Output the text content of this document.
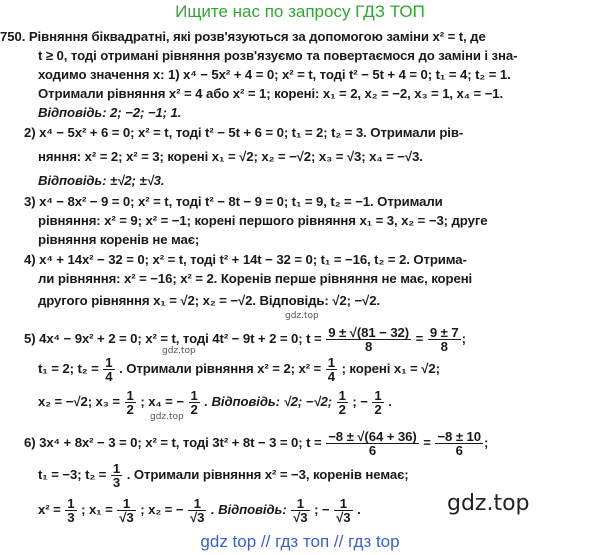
Ищите нас по запросу ГДЗ ТОП
750. Рівняння біквадратні, які розв'язуються за допомогою заміни x² = t, де
t ≥ 0, тоді отримані рівняння розв'язуємо та повертаємося до заміни і зна-
ходимо значення x: 1) x⁴ − 5x² + 4 = 0; x² = t, тоді t² − 5t + 4 = 0; t₁ = 4; t₂ = 1.
Отримали рівняння x² = 4 або x² = 1; корені: x₁ = 2, x₂ = −2, x₃ = 1, x₄ = −1.
Відповідь: 2; −2; −1; 1.
2) x⁴ − 5x² + 6 = 0; x² = t, тоді t² − 5t + 6 = 0; t₁ = 2; t₂ = 3. Отримали рів-
няння: x² = 2; x² = 3; корені x₁ = √2; x₂ = −√2; x₃ = √3; x₄ = −√3.
Відповідь: ±√2; ±√3.
3) x⁴ − 8x² − 9 = 0; x² = t, тоді t² − 8t − 9 = 0; t₁ = 9, t₂ = −1. Отримали
рівняння: x² = 9; x² = −1; корені першого рівняння x₁ = 3, x₂ = −3; друге
рівняння коренів не має;
4) x⁴ + 14x² − 32 = 0; x² = t, тоді t² + 14t − 32 = 0; t₁ = −16, t₂ = 2. Отрима-
ли рівняння: x² = −16; x² = 2. Коренів перше рівняння не має, корені
другого рівняння x₁ = √2; x₂ = −√2. Відповідь: √2; −√2.
gdz.top
5) 4x⁴ − 9x² + 2 = 0; x² = t, тоді 4t² − 9t + 2 = 0; $t = \frac{9 \pm √(81 - 32)}{8} = \frac{9 \pm 7}{8}$ ;
gdz.top
t₁ = 2; $t_2 = \frac{1}{4}$ . Отримали рівняння x² = 2; $x^2 = \frac{1}{4}$ ; корені x₁ = √2;
x₂ = −√2; $x_3 = \frac{1}{2}$ ; x₄ = − $\frac{1}{2}$ . Відповідь: √2; −√2; $\frac{1}{2}$ ; − $\frac{1}{2}$ .
gdz.top
6) 3x⁴ + 8x² − 3 = 0; x² = t, тоді 3t² + 8t − 3 = 0; $t = \frac{-8 \pm √(64 + 36)}{6} = \frac{-8 \pm 10}{6}$ ;
t₁ = −3; $t_2 = \frac{1}{3}$ . Отримали рівняння x² = −3, коренів немає;
$x^2 = \frac{1}{3}$ ; $x_1 = \frac{1}{√3}$ ; x₂ = − $\frac{1}{√3}$ . Відповідь: $\frac{1}{√3}$ ; − $\frac{1}{√3}$ .	gdz.top
gdz top // гдз топ // гдз top
